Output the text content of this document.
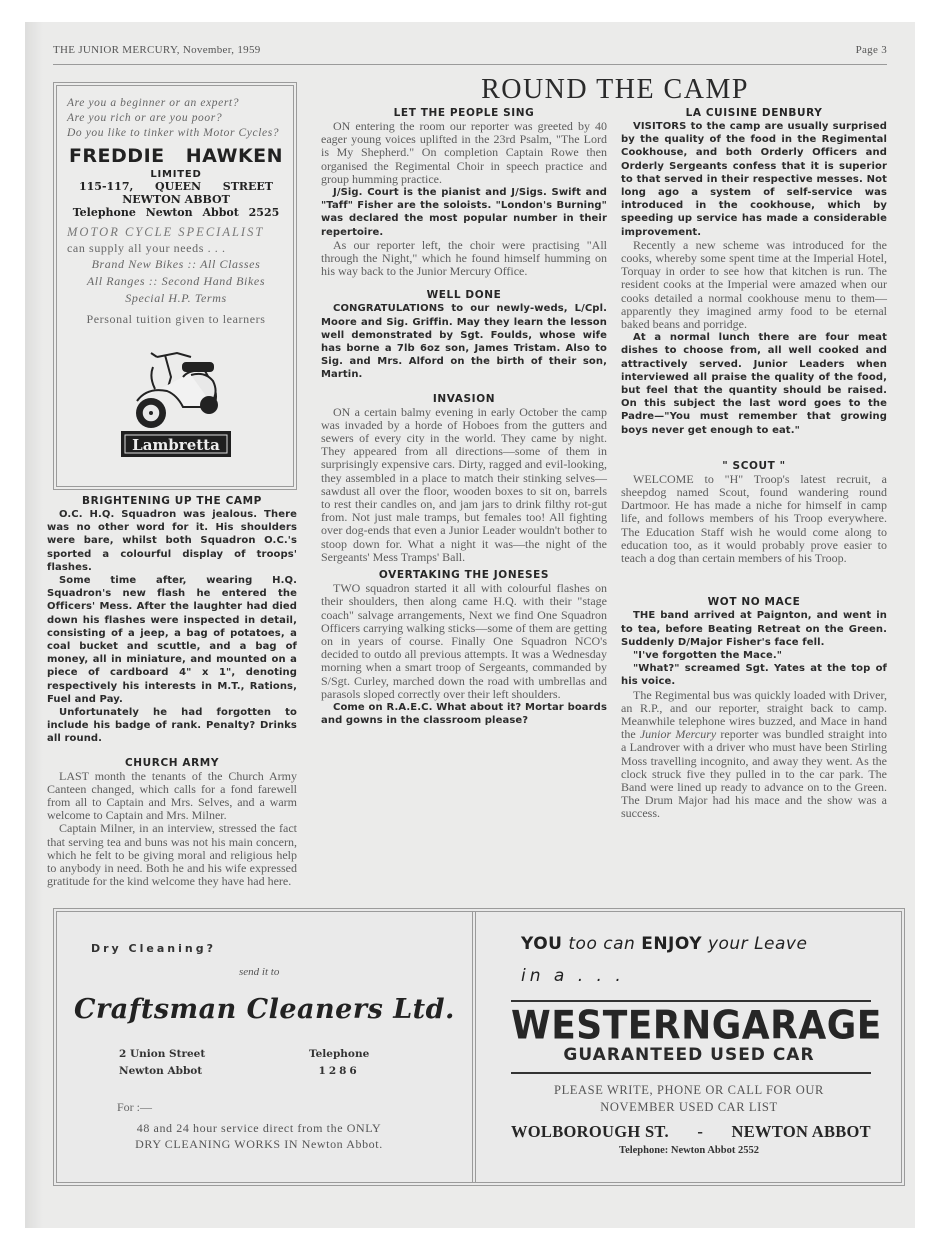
THE JUNIOR MERCURY, November, 1959	Page 3
ROUND THE CAMP
Are you a beginner or an expert?
Are you rich or are you poor?
Do you like to tinker with Motor Cycles?
FREDDIE HAWKEN
LIMITED
115-117, QUEEN STREET
NEWTON ABBOT
Telephone Newton Abbot 2525
MOTOR CYCLE SPECIALIST
can supply all your needs . . .
Brand New Bikes :: All Classes
All Ranges :: Second Hand Bikes
Special H.P. Terms
Personal tuition given to learners
Lambretta
BRIGHTENING UP THE CAMP

O.C. H.Q. Squadron was jealous. There was no other word for it. His shoulders were bare, whilst both Squadron O.C.'s sported a colourful display of troops' flashes.

Some time after, wearing H.Q. Squadron's new flash he entered the Officers' Mess. After the laughter had died down his flashes were inspected in detail, consisting of a jeep, a bag of potatoes, a coal bucket and scuttle, and a bag of money, all in miniature, and mounted on a piece of cardboard 4" x 1", denoting respectively his interests in M.T., Rations, Fuel and Pay.

Unfortunately he had forgotten to include his badge of rank. Penalty? Drinks all round.

CHURCH ARMY

LAST month the tenants of the Church Army Canteen changed, which calls for a fond farewell from all to Captain and Mrs. Selves, and a warm welcome to Captain and Mrs. Milner.

Captain Milner, in an interview, stressed the fact that serving tea and buns was not his main concern, which he felt to be giving moral and religious help to anybody in need. Both he and his wife expressed gratitude for the kind welcome they have had here.

LET THE PEOPLE SING

ON entering the room our reporter was greeted by 40 eager young voices uplifted in the 23rd Psalm, "The Lord is My Shepherd." On completion Captain Rowe then organised the Regimental Choir in speech practice and group humming practice.

J/Sig. Court is the pianist and J/Sigs. Swift and "Taff" Fisher are the soloists. "London's Burning" was declared the most popular number in their repertoire.

As our reporter left, the choir were practising "All through the Night," which he found himself humming on his way back to the Junior Mercury Office.

WELL DONE

CONGRATULATIONS to our newly-weds, L/Cpl. Moore and Sig. Griffin. May they learn the lesson well demonstrated by Sgt. Foulds, whose wife has borne a 7lb 6oz son, James Tristam. Also to Sig. and Mrs. Alford on the birth of their son, Martin.

INVASION

ON a certain balmy evening in early October the camp was invaded by a horde of Hoboes from the gutters and sewers of every city in the world. They came by night. They appeared from all directions—some of them in surprisingly expensive cars. Dirty, ragged and evil-looking, they assembled in a place to match their stinking selves—sawdust all over the floor, wooden boxes to sit on, barrels to rest their candles on, and jam jars to drink filthy rot-gut from. Not just male tramps, but females too! All fighting over dog-ends that even a Junior Leader wouldn't bother to stoop down for. What a night it was—the night of the Sergeants' Mess Tramps' Ball.

OVERTAKING THE JONESES

TWO squadron started it all with colourful flashes on their shoulders, then along came H.Q. with their "stage coach" salvage arrangements, Next we find One Squadron Officers carrying walking sticks—some of them are getting on in years of course. Finally One Squadron NCO's decided to outdo all previous attempts. It was a Wednesday morning when a smart troop of Sergeants, commanded by S/Sgt. Curley, marched down the road with umbrellas and parasols sloped correctly over their left shoulders.

Come on R.A.E.C. What about it? Mortar boards and gowns in the classroom please?

LA CUISINE DENBURY

VISITORS to the camp are usually surprised by the quality of the food in the Regimental Cookhouse, and both Orderly Officers and Orderly Sergeants confess that it is superior to that served in their respective messes. Not long ago a system of self-service was introduced in the cookhouse, which by speeding up service has made a considerable improvement.

Recently a new scheme was introduced for the cooks, whereby some spent time at the Imperial Hotel, Torquay in order to see how that kitchen is run. The resident cooks at the Imperial were amazed when our cooks detailed a normal cookhouse menu to them—apparently they imagined army food to be eternal baked beans and porridge.

At a normal lunch there are four meat dishes to choose from, all well cooked and attractively served. Junior Leaders when interviewed all praise the quality of the food, but feel that the quantity should be raised. On this subject the last word goes to the Padre—"You must remember that growing boys never get enough to eat."

" SCOUT "

WELCOME to "H" Troop's latest recruit, a sheepdog named Scout, found wandering round Dartmoor. He has made a niche for himself in camp life, and follows members of his Troop everywhere. The Education Staff wish he would come along to education too, as it would probably prove easier to teach a dog than certain members of his Troop.

WOT NO MACE

THE band arrived at Paignton, and went in to tea, before Beating Retreat on the Green. Suddenly D/Major Fisher's face fell.

"I've forgotten the Mace."

"What?" screamed Sgt. Yates at the top of his voice.

The Regimental bus was quickly loaded with Driver, an R.P., and our reporter, straight back to camp. Meanwhile telephone wires buzzed, and Mace in hand the Junior Mercury reporter was bundled straight into a Landrover with a driver who must have been Stirling Moss travelling incognito, and away they went. As the clock struck five they pulled in to the car park. The Band were lined up ready to advance on to the Green. The Drum Major had his mace and the show was a success.

Dry Cleaning?
send it to
Craftsman Cleaners Ltd.
2 Union Street
Newton Abbot
Telephone
1286
For :—
48 and 24 hour service direct from the ONLY DRY CLEANING WORKS IN Newton Abbot.
YOU too can ENJOY your Leave
in a . . .
WESTERN GARAGE
GUARANTEED USED CAR
PLEASE WRITE, PHONE OR CALL FOR OUR
NOVEMBER USED CAR LIST
WOLBOROUGH ST. - NEWTON ABBOT
Telephone: Newton Abbot 2552
